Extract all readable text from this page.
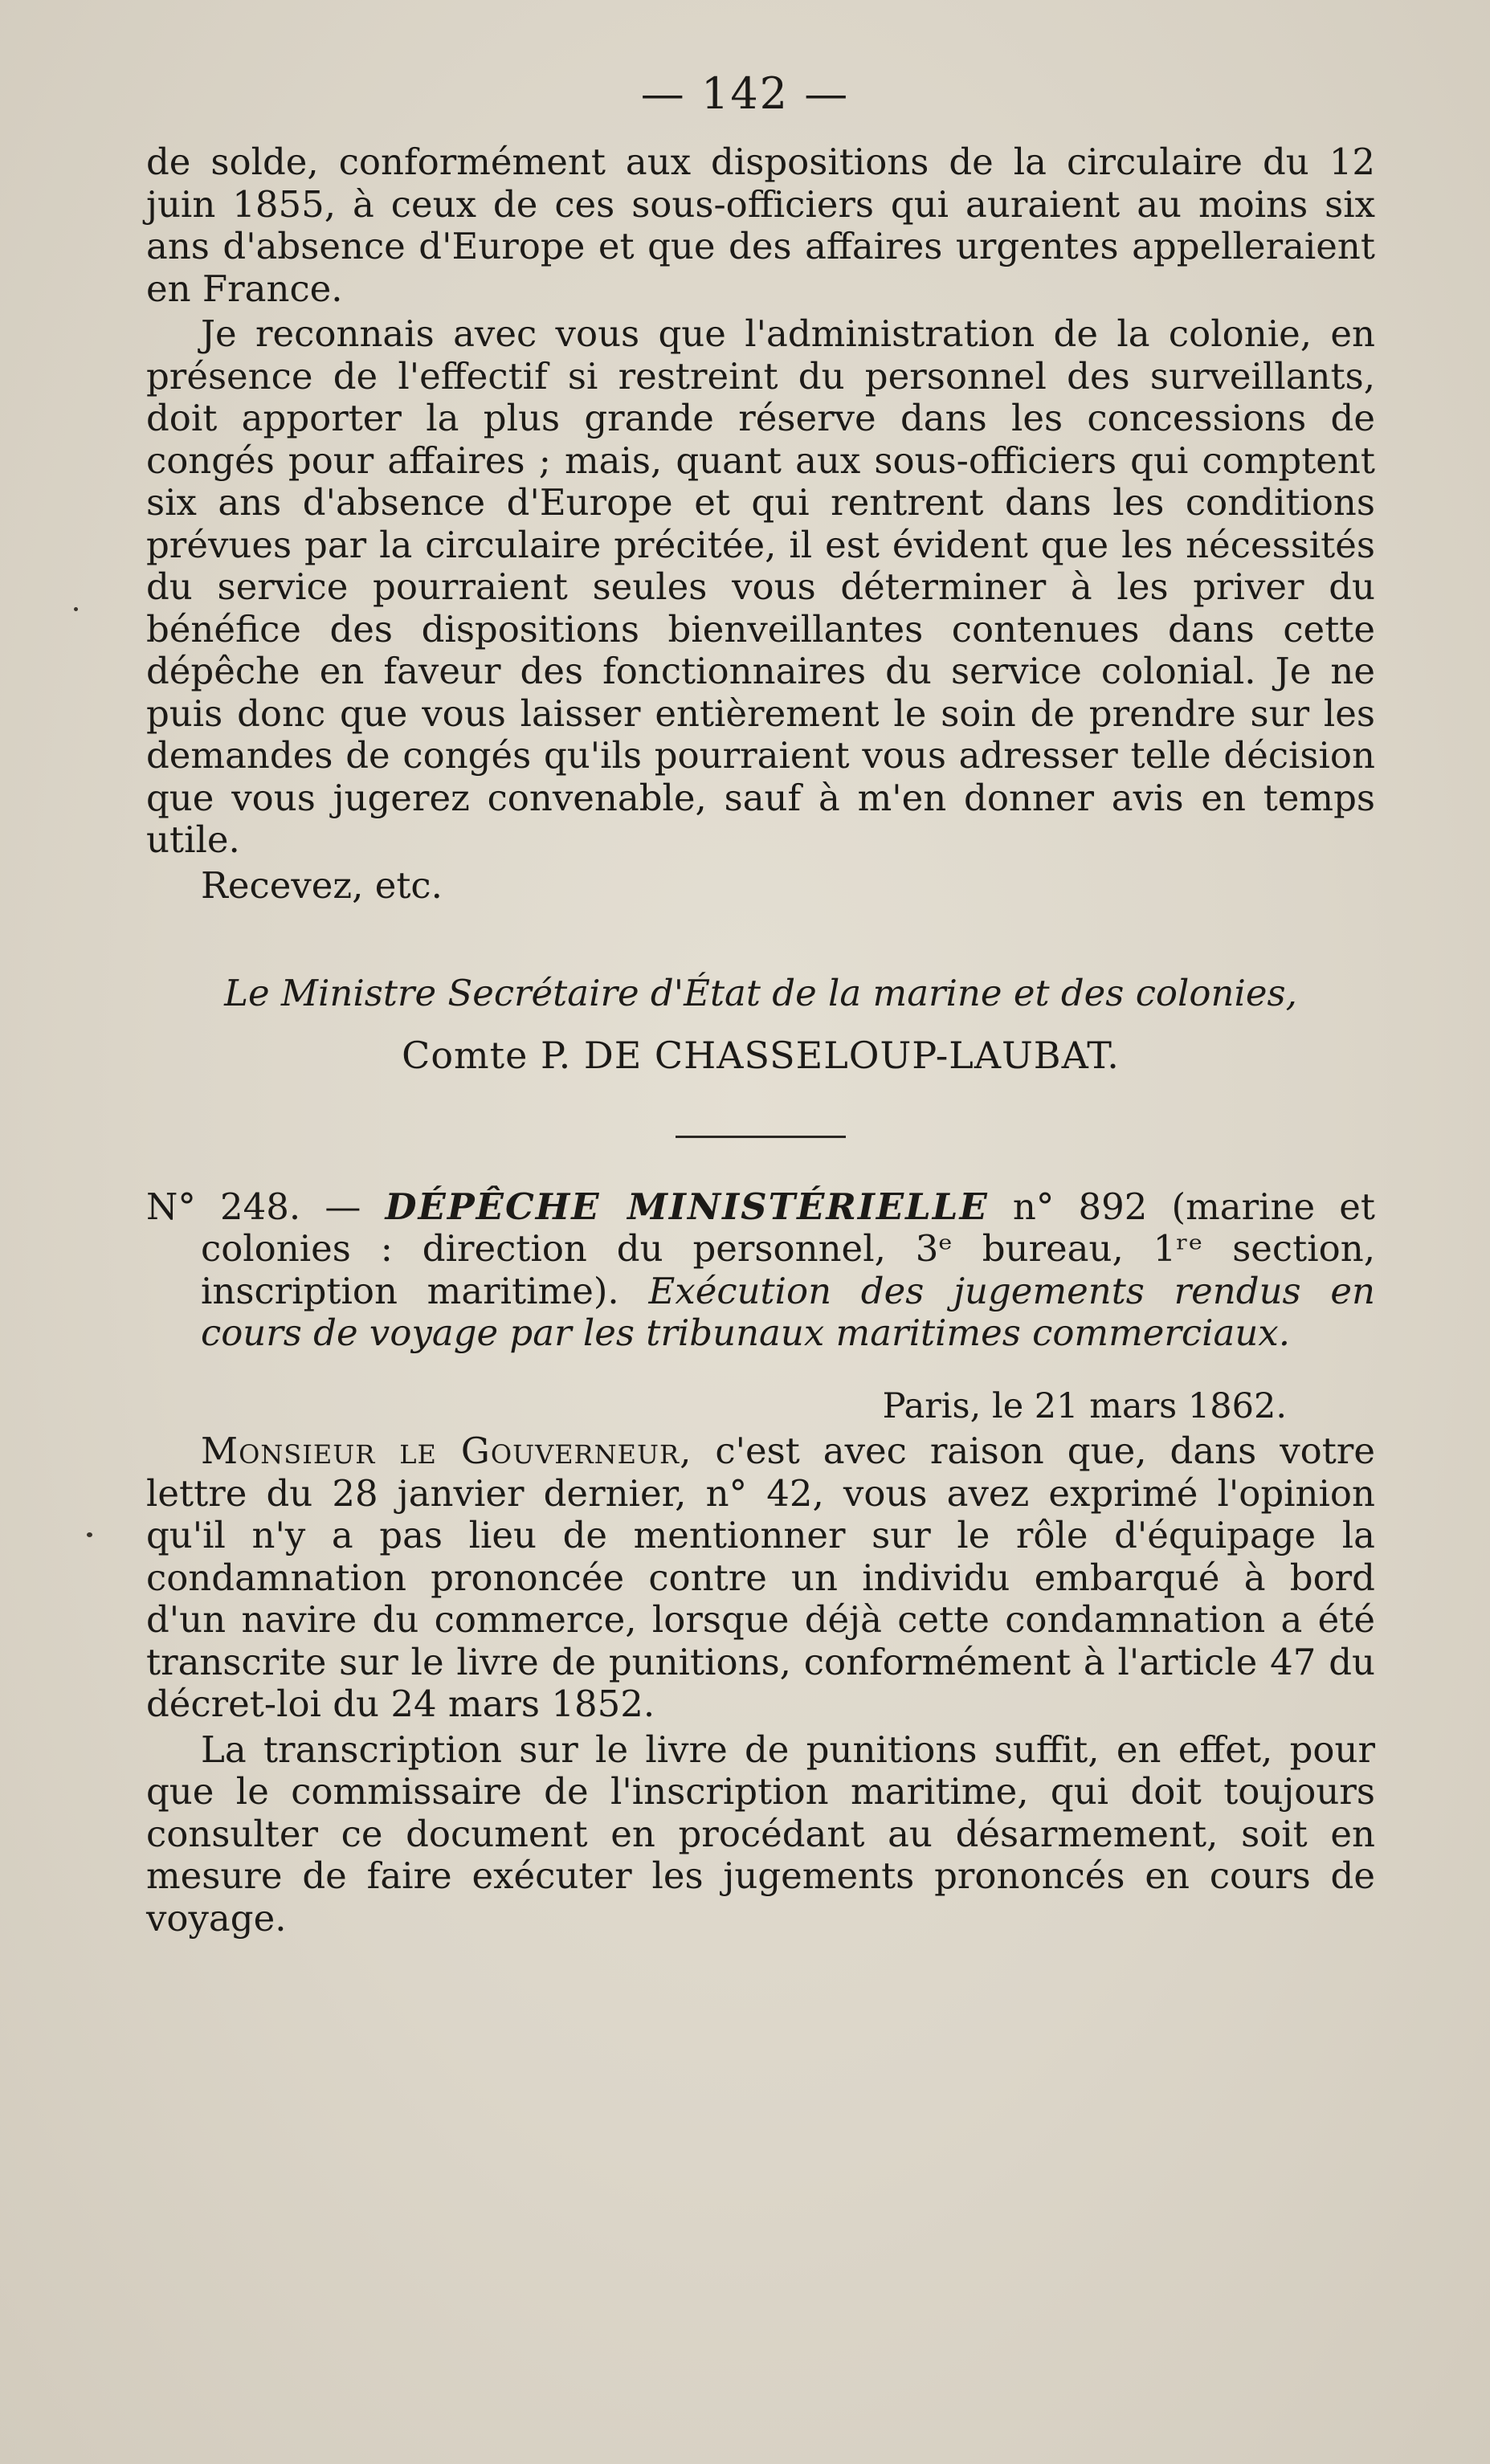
— 142 —

de solde, conformément aux dispositions de la circulaire du 12 juin 1855, à ceux de ces sous-officiers qui auraient au moins six ans d'absence d'Europe et que des affaires urgentes appelleraient en France.

Je reconnais avec vous que l'administration de la colonie, en présence de l'effectif si restreint du personnel des surveillants, doit apporter la plus grande réserve dans les concessions de congés pour affaires ; mais, quant aux sous-officiers qui comptent six ans d'absence d'Europe et qui rentrent dans les conditions prévues par la circulaire précitée, il est évident que les nécessités du service pourraient seules vous déterminer à les priver du bénéfice des dispositions bienveillantes contenues dans cette dépêche en faveur des fonctionnaires du service colonial. Je ne puis donc que vous laisser entièrement le soin de prendre sur les demandes de congés qu'ils pourraient vous adresser telle décision que vous jugerez convenable, sauf à m'en donner avis en temps utile.

Recevez, etc.

Le Ministre Secrétaire d'État de la marine et des colonies,
Comte P. DE CHASSELOUP-LAUBAT.

N° 248. — DÉPÊCHE MINISTÉRIELLE n° 892 (marine et colonies : direction du personnel, 3ᵉ bureau, 1ʳᵉ section, inscription maritime). Exécution des jugements rendus en cours de voyage par les tribunaux maritimes commerciaux.

Paris, le 21 mars 1862.

Monsieur le Gouverneur, c'est avec raison que, dans votre lettre du 28 janvier dernier, n° 42, vous avez exprimé l'opinion qu'il n'y a pas lieu de mentionner sur le rôle d'équipage la condamnation prononcée contre un individu embarqué à bord d'un navire du commerce, lorsque déjà cette condamnation a été transcrite sur le livre de punitions, conformément à l'article 47 du décret-loi du 24 mars 1852.

La transcription sur le livre de punitions suffit, en effet, pour que le commissaire de l'inscription maritime, qui doit toujours consulter ce document en procédant au désarmement, soit en mesure de faire exécuter les jugements prononcés en cours de voyage.
